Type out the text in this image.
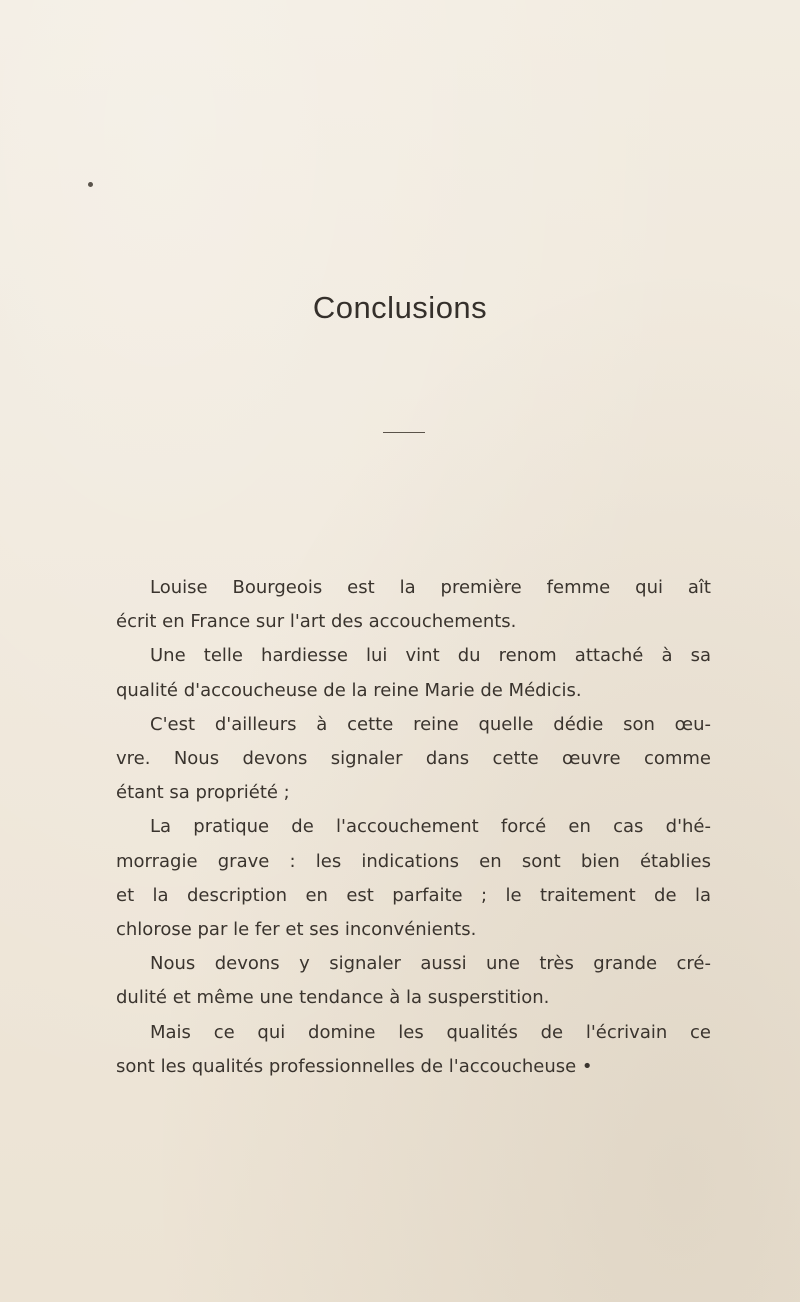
Conclusions
Louise Bourgeois est la première femme qui aît
écrit en France sur l'art des accouchements.
Une telle hardiesse lui vint du renom attaché à sa
qualité d'accoucheuse de la reine Marie de Médicis.
C'est d'ailleurs à cette reine quelle dédie son œu-
vre. Nous devons signaler dans cette œuvre comme
étant sa propriété ;
La pratique de l'accouchement forcé en cas d'hé-
morragie grave : les indications en sont bien établies
et la description en est parfaite ; le traitement de la
chlorose par le fer et ses inconvénients.
Nous devons y signaler aussi une très grande cré-
dulité et même une tendance à la susperstition.
Mais ce qui domine les qualités de l'écrivain ce
sont les qualités professionnelles de l'accoucheuse •
